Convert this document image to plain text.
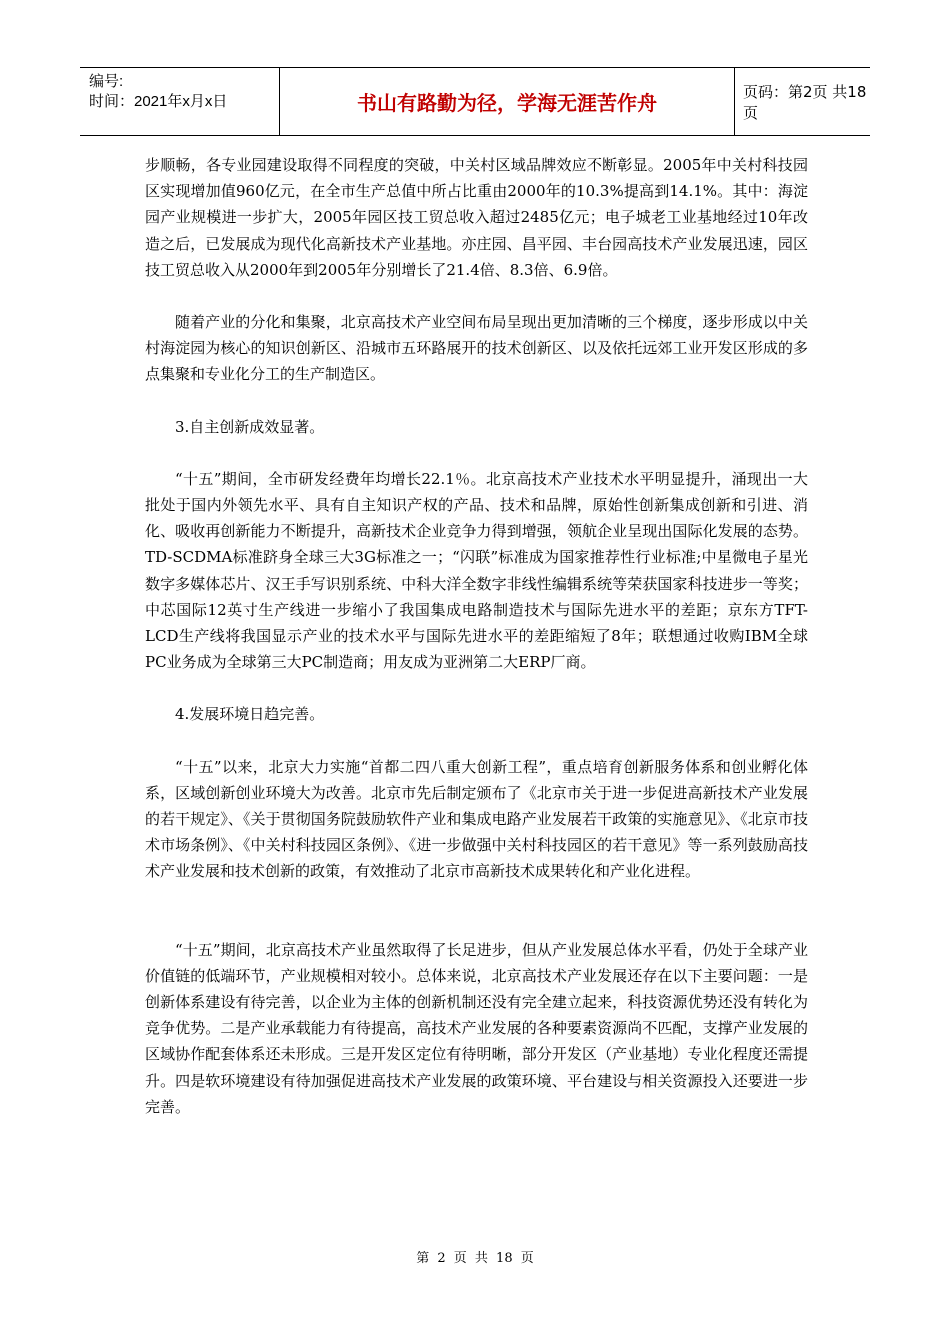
编号:
时间：2021年x月x日	书山有路勤为径，学海无涯苦作舟	页码：第2页 共18页

步顺畅，各专业园建设取得不同程度的突破，中关村区域品牌效应不断彰显。2005年中关村科技园区实现增加值960亿元，在全市生产总值中所占比重由2000年的10.3%提高到14.1%。其中：海淀园产业规模进一步扩大，2005年园区技工贸总收入超过2485亿元；电子城老工业基地经过10年改造之后，已发展成为现代化高新技术产业基地。亦庄园、昌平园、丰台园高技术产业发展迅速，园区技工贸总收入从2000年到2005年分别增长了21.4倍、8.3倍、6.9倍。

随着产业的分化和集聚，北京高技术产业空间布局呈现出更加清晰的三个梯度，逐步形成以中关村海淀园为核心的知识创新区、沿城市五环路展开的技术创新区、以及依托远郊工业开发区形成的多点集聚和专业化分工的生产制造区。

3.自主创新成效显著。

“十五”期间，全市研发经费年均增长22.1％。北京高技术产业技术水平明显提升，涌现出一大批处于国内外领先水平、具有自主知识产权的产品、技术和品牌，原始性创新集成创新和引进、消化、吸收再创新能力不断提升，高新技术企业竞争力得到增强，领航企业呈现出国际化发展的态势。TD-SCDMA标准跻身全球三大3G标准之一；“闪联”标准成为国家推荐性行业标准;中星微电子星光数字多媒体芯片、汉王手写识别系统、中科大洋全数字非线性编辑系统等荣获国家科技进步一等奖；中芯国际12英寸生产线进一步缩小了我国集成电路制造技术与国际先进水平的差距；京东方TFT-LCD生产线将我国显示产业的技术水平与国际先进水平的差距缩短了8年；联想通过收购IBM全球PC业务成为全球第三大PC制造商；用友成为亚洲第二大ERP厂商。

4.发展环境日趋完善。

“十五”以来，北京大力实施“首都二四八重大创新工程”，重点培育创新服务体系和创业孵化体系，区域创新创业环境大为改善。北京市先后制定颁布了《北京市关于进一步促进高新技术产业发展的若干规定》、《关于贯彻国务院鼓励软件产业和集成电路产业发展若干政策的实施意见》、《北京市技术市场条例》、《中关村科技园区条例》、《进一步做强中关村科技园区的若干意见》等一系列鼓励高技术产业发展和技术创新的政策，有效推动了北京市高新技术成果转化和产业化进程。

“十五”期间，北京高技术产业虽然取得了长足进步，但从产业发展总体水平看，仍处于全球产业价值链的低端环节，产业规模相对较小。总体来说，北京高技术产业发展还存在以下主要问题：一是创新体系建设有待完善，以企业为主体的创新机制还没有完全建立起来，科技资源优势还没有转化为竞争优势。二是产业承载能力有待提高，高技术产业发展的各种要素资源尚不匹配，支撑产业发展的区域协作配套体系还未形成。三是开发区定位有待明晰，部分开发区（产业基地）专业化程度还需提升。四是软环境建设有待加强促进高技术产业发展的政策环境、平台建设与相关资源投入还要进一步完善。

第 2 页 共 18 页
